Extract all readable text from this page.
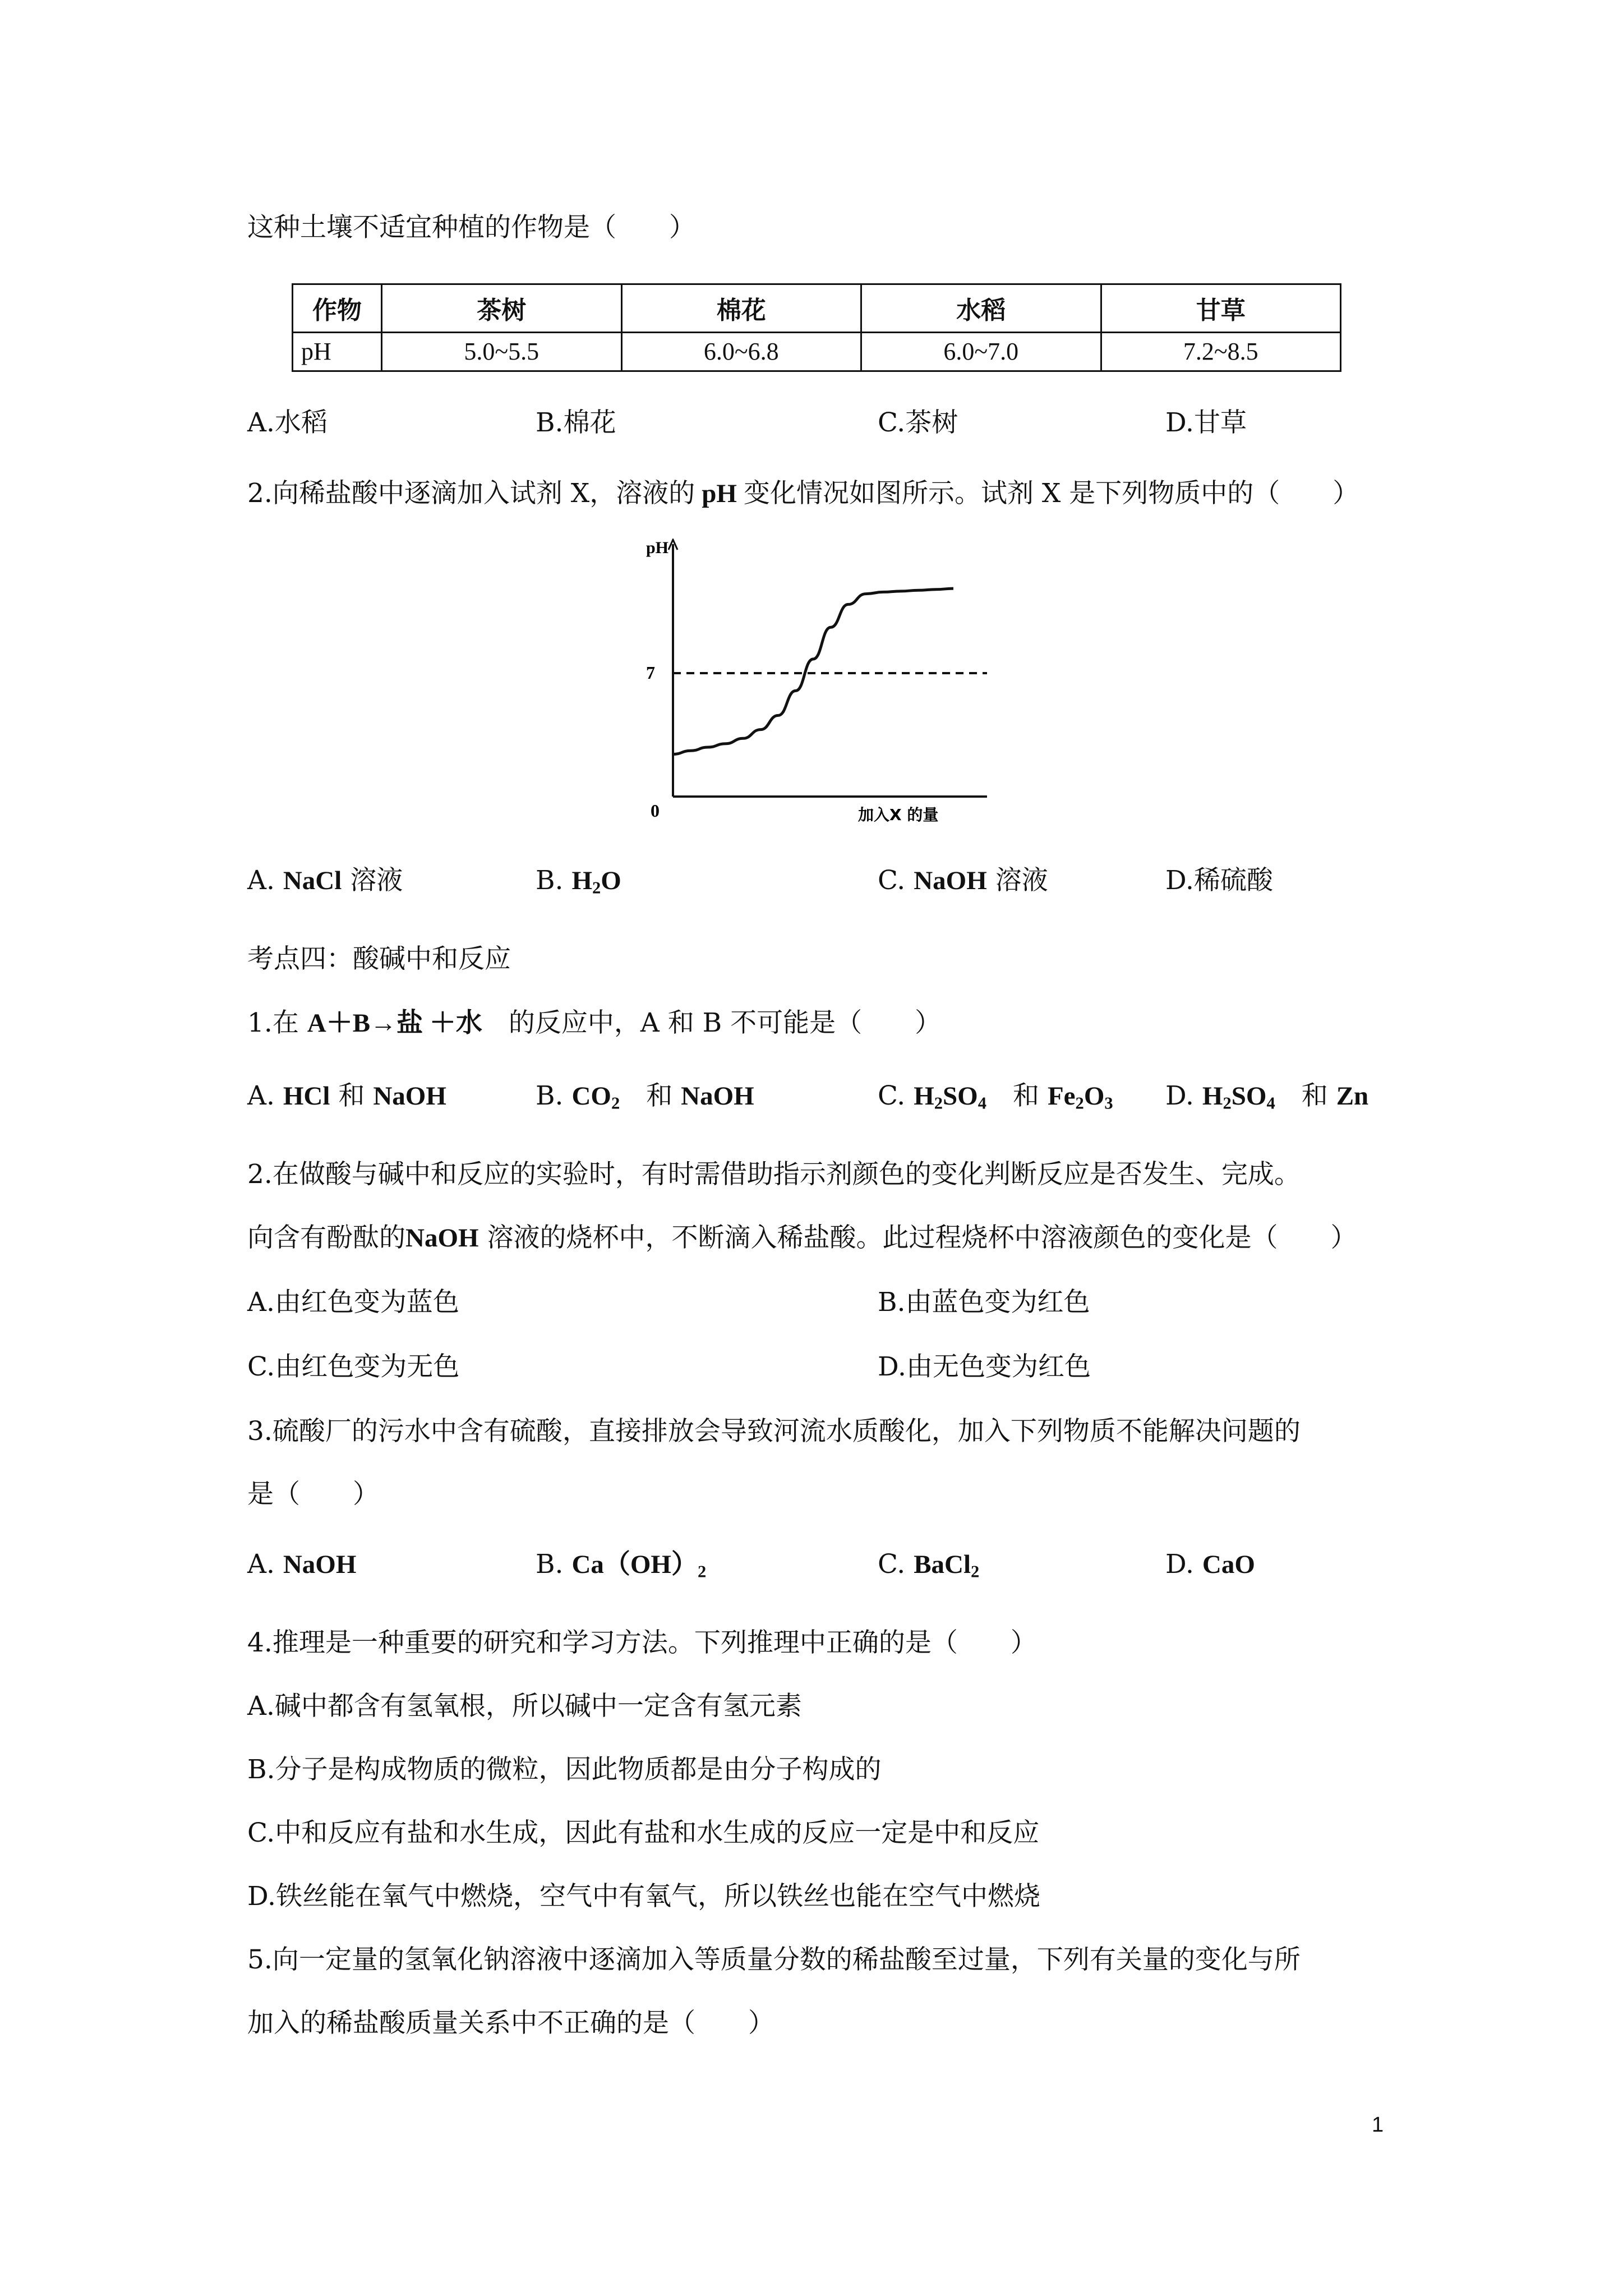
这种土壤不适宜种植的作物是（　　）
作物	茶树	棉花	水稻	甘草
pH	5.0~5.5	6.0~6.8	6.0~7.0	7.2~8.5
A.水稻	B.棉花	C.茶树	D.甘草
2.向稀盐酸中逐滴加入试剂 X，溶液的 pH 变化情况如图所示。试剂 X 是下列物质中的（　　）
pH
7
0	加入X 的量
A. NaCl 溶液	B. $H_2O$	C. NaOH 溶液	D.稀硫酸
考点四：酸碱中和反应
1.在 A＋B→盐 ＋水　 的反应中，A 和 B 不可能是（　　）
A. HCl 和 NaOH	B. $CO_2$　 和 NaOH	C. $H_2SO_4$　 和 $Fe_2O_3$ D. $H_2SO_4$　 和 Zn
2.在做酸与碱中和反应的实验时，有时需借助指示剂颜色的变化判断反应是否发生、完成。
向含有酚酞的NaOH 溶液的烧杯中，不断滴入稀盐酸。此过程烧杯中溶液颜色的变化是（　　）
A.由红色变为蓝色	B.由蓝色变为红色
C.由红色变为无色	D.由无色变为红色
3.硫酸厂的污水中含有硫酸，直接排放会导致河流水质酸化，加入下列物质不能解决问题的
是（　　）
A. NaOH	B. $Ca(OH)_2$	C. BaCl$_2$	D. CaO
4.推理是一种重要的研究和学习方法。下列推理中正确的是（　　）
A.碱中都含有氢氧根，所以碱中一定含有氢元素
B.分子是构成物质的微粒，因此物质都是由分子构成的
C.中和反应有盐和水生成，因此有盐和水生成的反应一定是中和反应
D.铁丝能在氧气中燃烧，空气中有氧气，所以铁丝也能在空气中燃烧
5.向一定量的氢氧化钠溶液中逐滴加入等质量分数的稀盐酸至过量，下列有关量的变化与所
加入的稀盐酸质量关系中不正确的是（　　）
1
